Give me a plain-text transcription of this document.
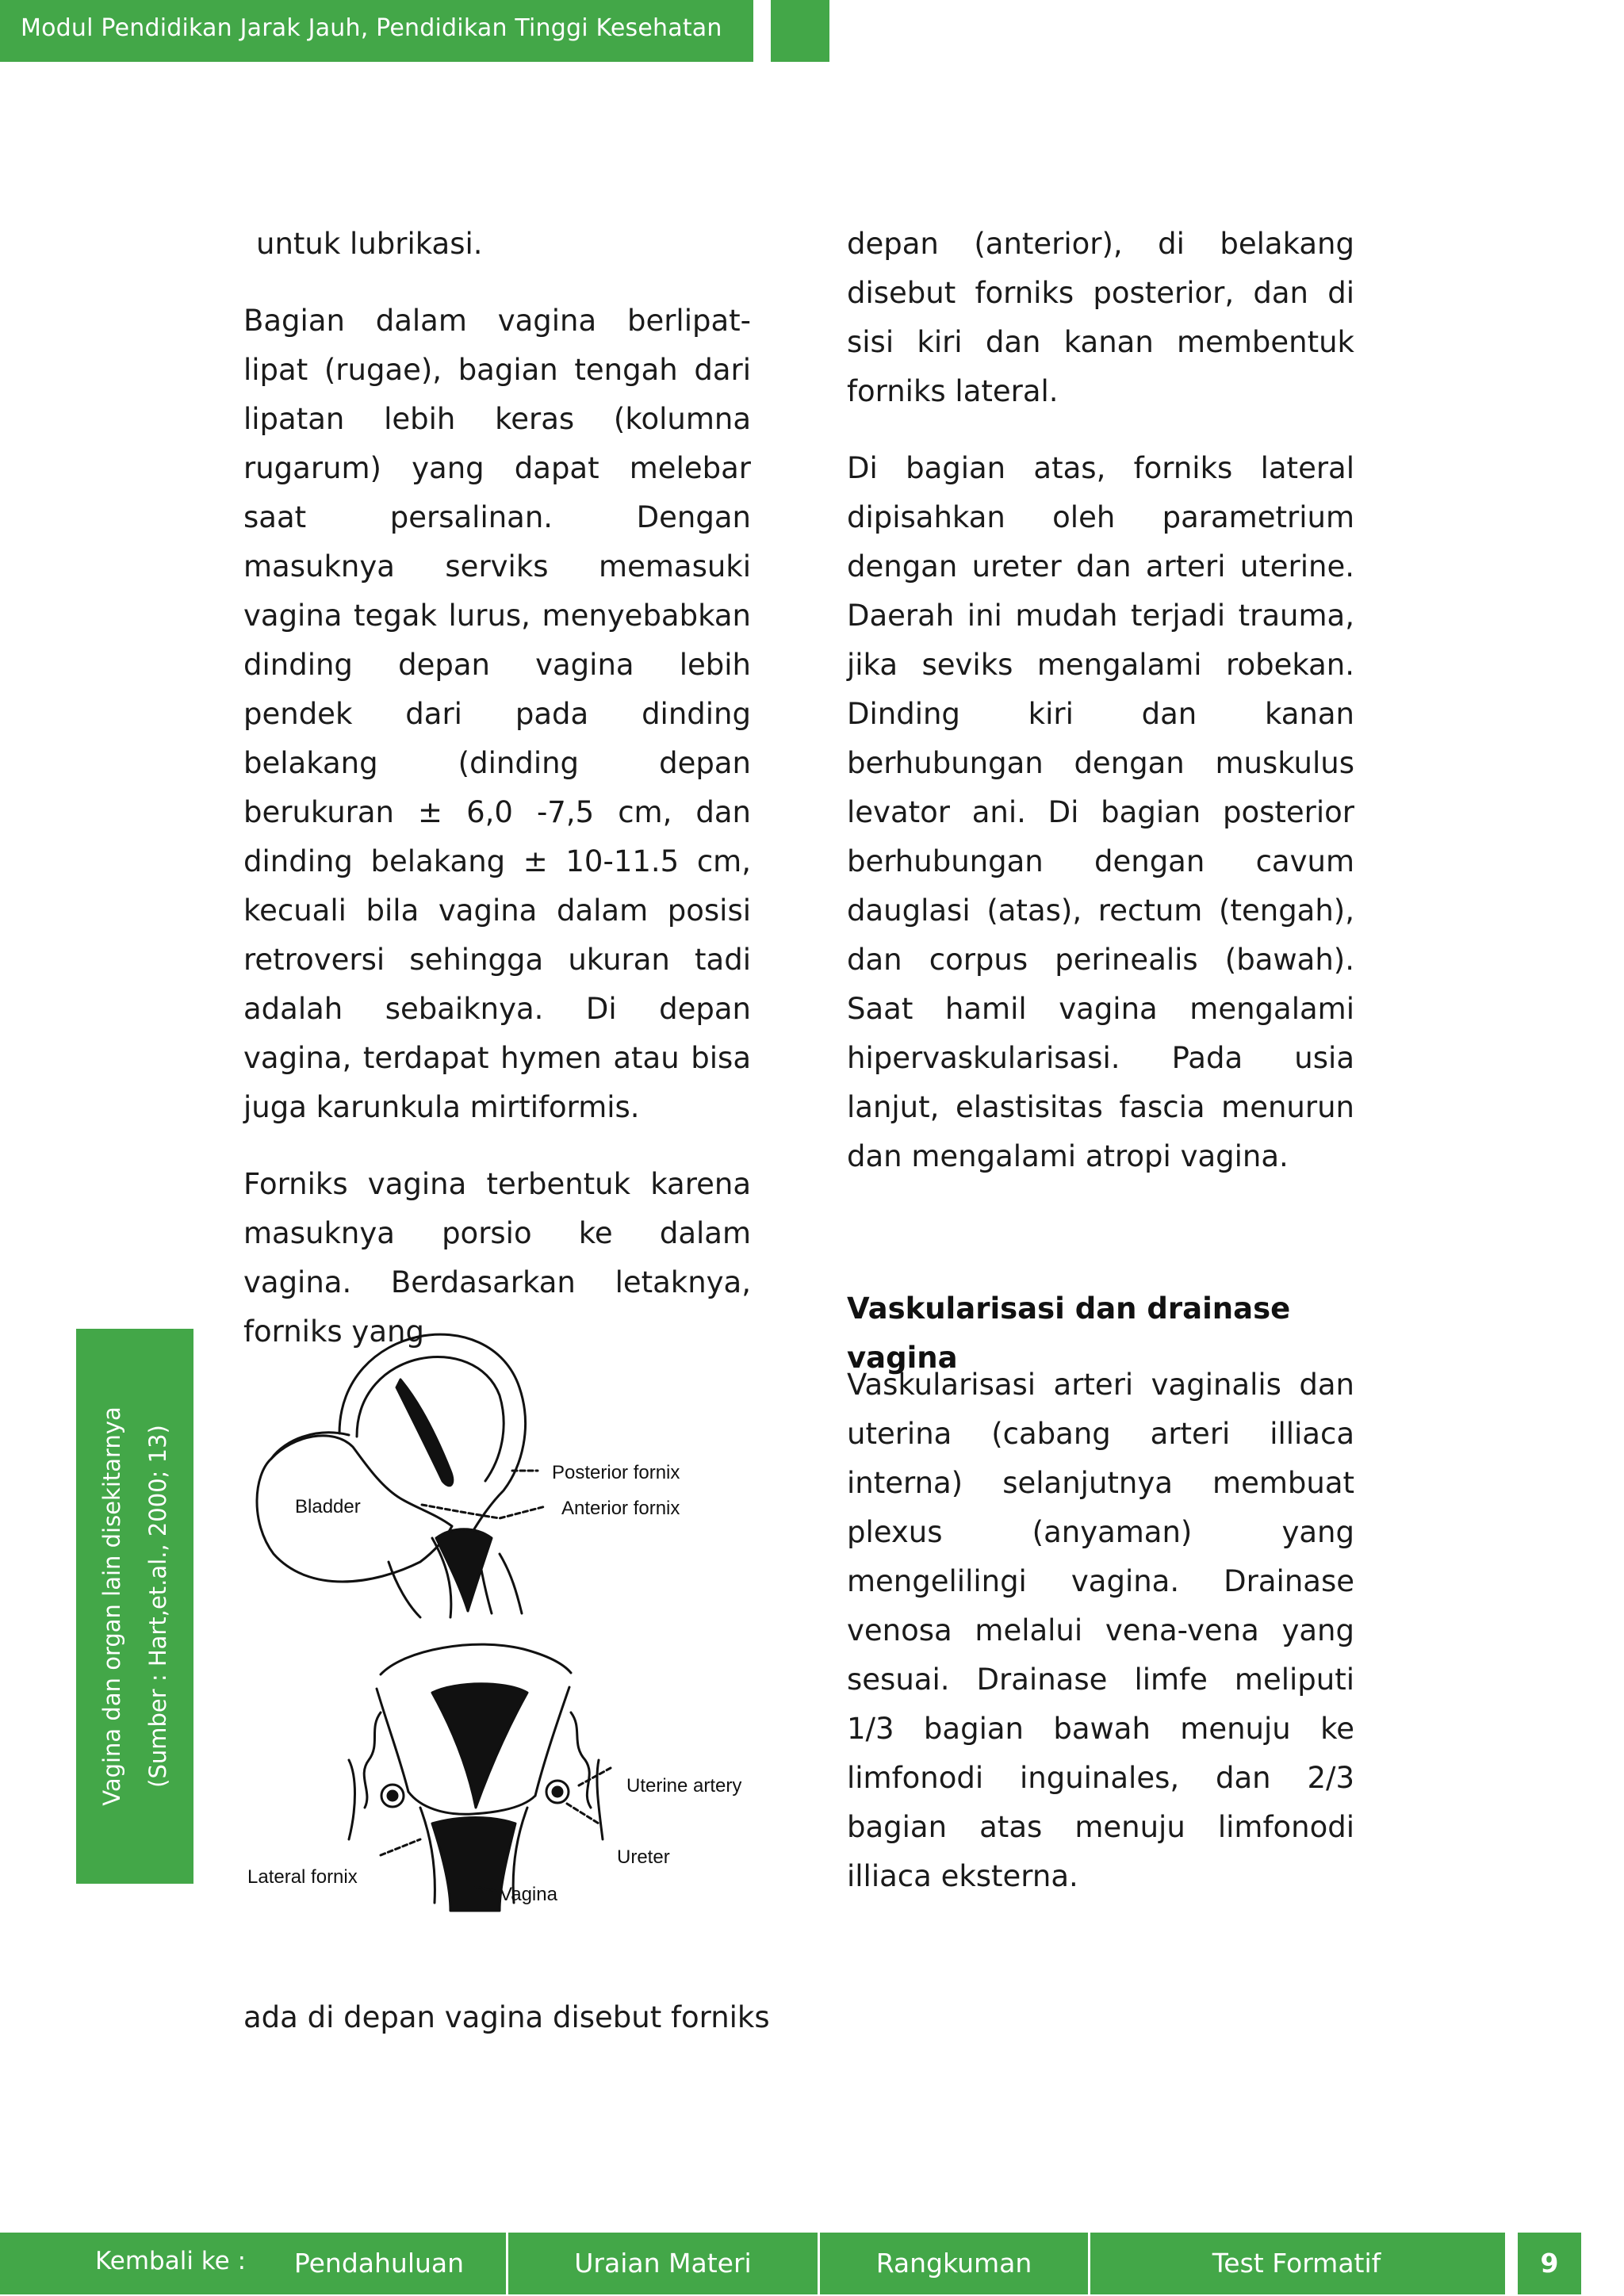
Modul Pendidikan Jarak Jauh, Pendidikan Tinggi Kesehatan
Vagina dan organ lain disekitarnya (Sumber : Hart,et.al., 2000; 13)

untuk lubrikasi.

Bagian dalam vagina berlipat-lipat (rugae), bagian tengah dari lipatan lebih keras (kolumna rugarum) yang dapat melebar saat persalinan. Dengan masuknya serviks memasuki vagina tegak lurus, menyebabkan dinding depan vagina lebih pendek dari pada dinding belakang (dinding depan berukuran ± 6,0 -7,5 cm, dan dinding belakang ± 10-11.5 cm, kecuali bila vagina dalam posisi retroversi sehingga ukuran tadi adalah sebaiknya. Di depan vagina, terdapat hymen atau bisa juga karunkula mirtiformis.

Forniks vagina terbentuk karena masuknya porsio ke dalam vagina. Berdasarkan letaknya, forniks yang

depan (anterior), di belakang disebut forniks posterior, dan di sisi kiri dan kanan membentuk forniks lateral.

Di bagian atas, forniks lateral dipisahkan oleh parametrium dengan ureter dan arteri uterine. Daerah ini mudah terjadi trauma, jika seviks mengalami robekan. Dinding kiri dan kanan berhubungan dengan muskulus levator ani. Di bagian posterior berhubungan dengan cavum dauglasi (atas), rectum (tengah), dan corpus perinealis (bawah). Saat hamil vagina mengalami hipervaskularisasi. Pada usia lanjut, elastisitas fascia menurun dan mengalami atropi vagina.

Vaskularisasi dan drainase vagina

Vaskularisasi arteri vaginalis dan uterina (cabang arteri illiaca interna) selanjutnya membuat plexus (anyaman) yang mengelilingi vagina. Drainase venosa melalui vena-vena yang sesuai. Drainase limfe meliputi 1/3 bagian bawah menuju ke limfonodi inguinales, dan 2/3 bagian atas menuju limfonodi illiaca eksterna.

Bladder
Posterior fornix
Anterior fornix
Uterine artery
Ureter
Lateral fornix
Vagina
ada di depan vagina disebut forniks
Kembali ke :	Pendahuluan	Uraian Materi	Rangkuman	Test Formatif	9
